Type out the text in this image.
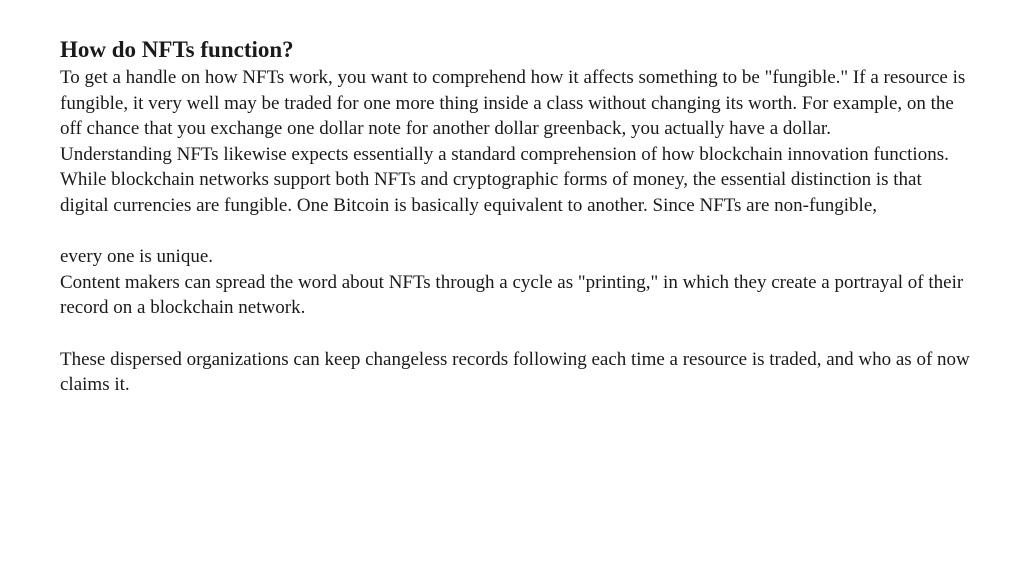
How do NFTs function?

To get a handle on how NFTs work, you want to comprehend how it affects something to be "fungible." If a resource is fungible, it very well may be traded for one more thing inside a class without changing its worth. For example, on the off chance that you exchange one dollar note for another dollar greenback, you actually have a dollar.

Understanding NFTs likewise expects essentially a standard comprehension of how blockchain innovation functions.

While blockchain networks support both NFTs and cryptographic forms of money, the essential distinction is that digital currencies are fungible. One Bitcoin is basically equivalent to another. Since NFTs are non-fungible,

every one is unique.

Content makers can spread the word about NFTs through a cycle as "printing," in which they create a portrayal of their record on a blockchain network.

These dispersed organizations can keep changeless records following each time a resource is traded, and who as of now claims it.
